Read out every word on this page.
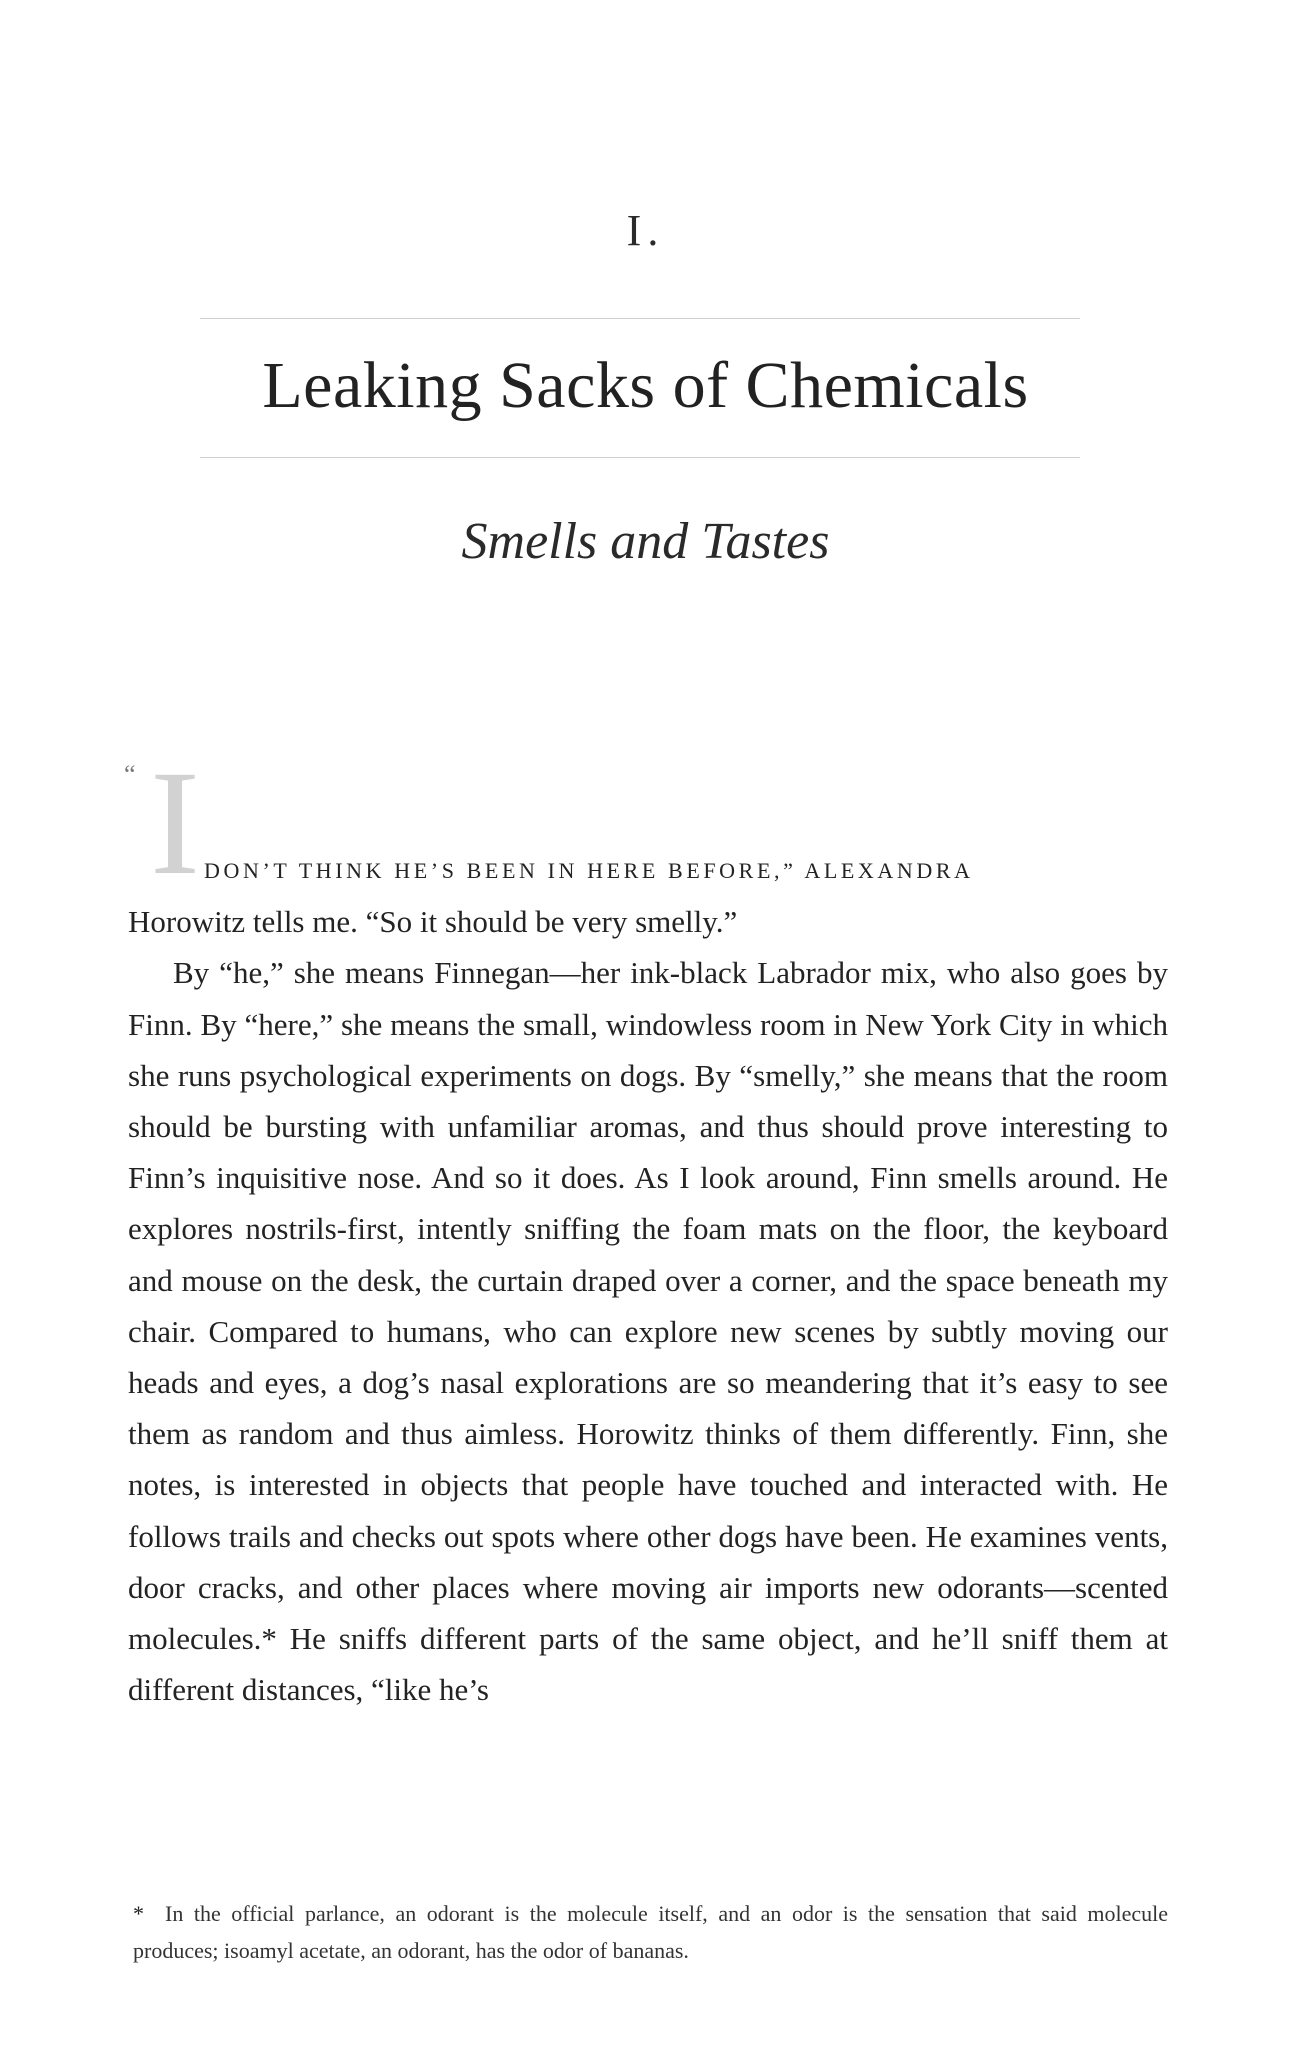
I.
Leaking Sacks of Chemicals
Smells and Tastes
“ I DON’T THINK HE’S BEEN IN HERE BEFORE,” ALEXANDRA
Horowitz tells me. “So it should be very smelly.”

By “he,” she means Finnegan—her ink-black Labrador mix, who also goes by Finn. By “here,” she means the small, windowless room in New York City in which she runs psychological experiments on dogs. By “smelly,” she means that the room should be bursting with unfamiliar aromas, and thus should prove interesting to Finn’s inquisitive nose. And so it does. As I look around, Finn smells around. He explores nostrils-first, intently sniffing the foam mats on the floor, the keyboard and mouse on the desk, the curtain draped over a corner, and the space beneath my chair. Compared to humans, who can explore new scenes by subtly moving our heads and eyes, a dog’s nasal explorations are so meandering that it’s easy to see them as random and thus aimless. Horowitz thinks of them differently. Finn, she notes, is interested in objects that people have touched and interacted with. He follows trails and checks out spots where other dogs have been. He examines vents, door cracks, and other places where moving air imports new odorants—scented molecules.* He sniffs different parts of the same object, and he’ll sniff them at different distances, “like he’s

* In the official parlance, an odorant is the molecule itself, and an odor is the sensation that said molecule produces; isoamyl acetate, an odorant, has the odor of bananas.
